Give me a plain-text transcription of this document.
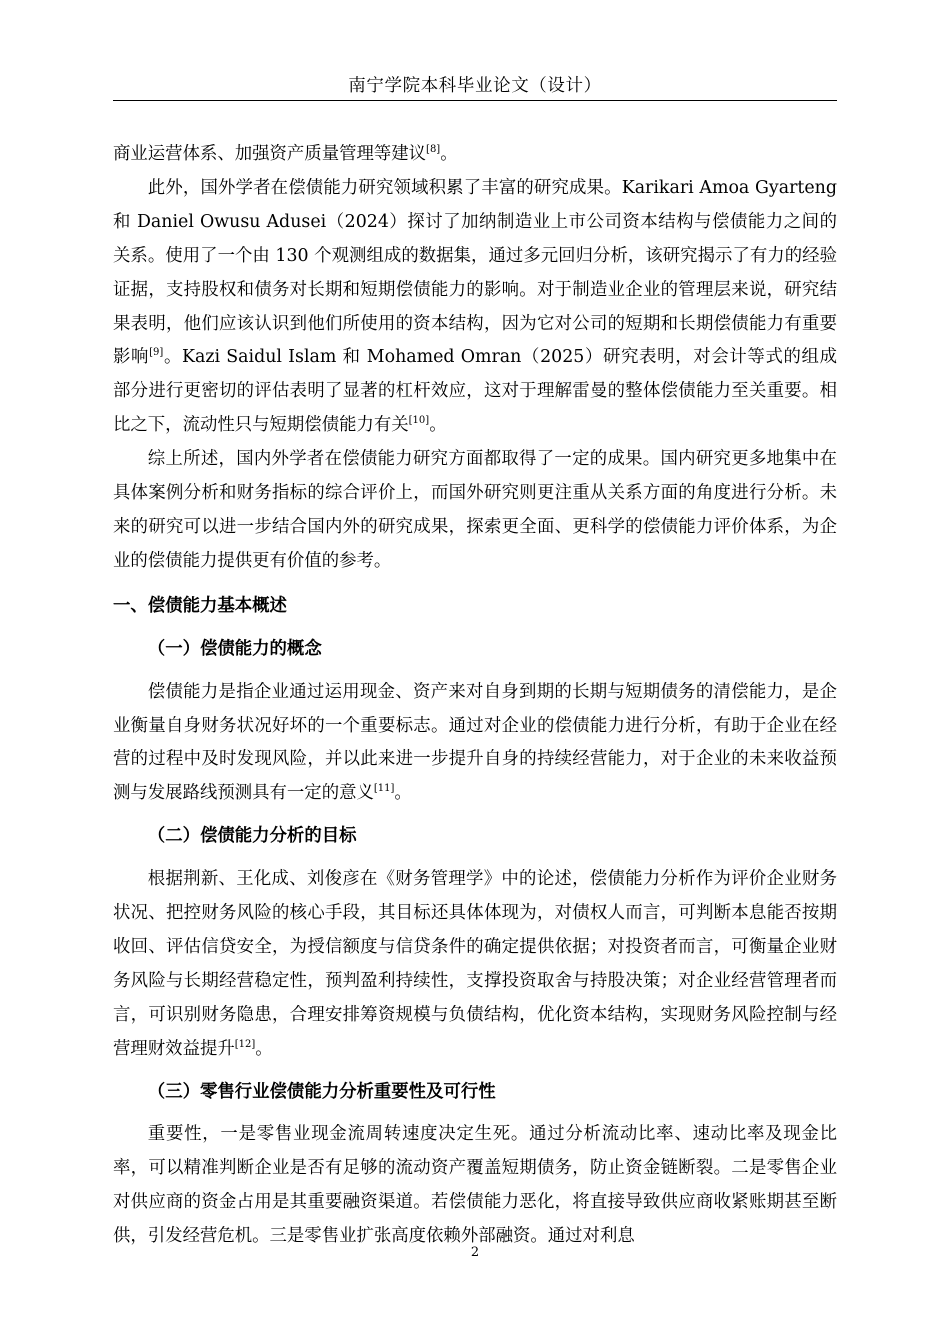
南宁学院本科毕业论文（设计）

商业运营体系、加强资产质量管理等建议[8]。

此外，国外学者在偿债能力研究领域积累了丰富的研究成果。Karikari Amoa Gyarteng 和 Daniel Owusu Adusei（2024）探讨了加纳制造业上市公司资本结构与偿债能力之间的关系。使用了一个由 130 个观测组成的数据集，通过多元回归分析，该研究揭示了有力的经验证据，支持股权和债务对长期和短期偿债能力的影响。对于制造业企业的管理层来说，研究结果表明，他们应该认识到他们所使用的资本结构，因为它对公司的短期和长期偿债能力有重要影响[9]。Kazi Saidul Islam 和 Mohamed Omran（2025）研究表明，对会计等式的组成部分进行更密切的评估表明了显著的杠杆效应，这对于理解雷曼的整体偿债能力至关重要。相比之下，流动性只与短期偿债能力有关[10]。

综上所述，国内外学者在偿债能力研究方面都取得了一定的成果。国内研究更多地集中在具体案例分析和财务指标的综合评价上，而国外研究则更注重从关系方面的角度进行分析。未来的研究可以进一步结合国内外的研究成果，探索更全面、更科学的偿债能力评价体系，为企业的偿债能力提供更有价值的参考。

一、偿债能力基本概述
（一）偿债能力的概念

偿债能力是指企业通过运用现金、资产来对自身到期的长期与短期债务的清偿能力，是企业衡量自身财务状况好坏的一个重要标志。通过对企业的偿债能力进行分析，有助于企业在经营的过程中及时发现风险，并以此来进一步提升自身的持续经营能力，对于企业的未来收益预测与发展路线预测具有一定的意义[11]。

（二）偿债能力分析的目标

根据荆新、王化成、刘俊彦在《财务管理学》中的论述，偿债能力分析作为评价企业财务状况、把控财务风险的核心手段，其目标还具体体现为，对债权人而言，可判断本息能否按期收回、评估信贷安全，为授信额度与信贷条件的确定提供依据；对投资者而言，可衡量企业财务风险与长期经营稳定性，预判盈利持续性，支撑投资取舍与持股决策；对企业经营管理者而言，可识别财务隐患，合理安排筹资规模与负债结构，优化资本结构，实现财务风险控制与经营理财效益提升[12]。

（三）零售行业偿债能力分析重要性及可行性

重要性，一是零售业现金流周转速度决定生死。通过分析流动比率、速动比率及现金比率，可以精准判断企业是否有足够的流动资产覆盖短期债务，防止资金链断裂。二是零售企业对供应商的资金占用是其重要融资渠道。若偿债能力恶化，将直接导致供应商收紧账期甚至断供，引发经营危机。三是零售业扩张高度依赖外部融资。通过对利息

2
